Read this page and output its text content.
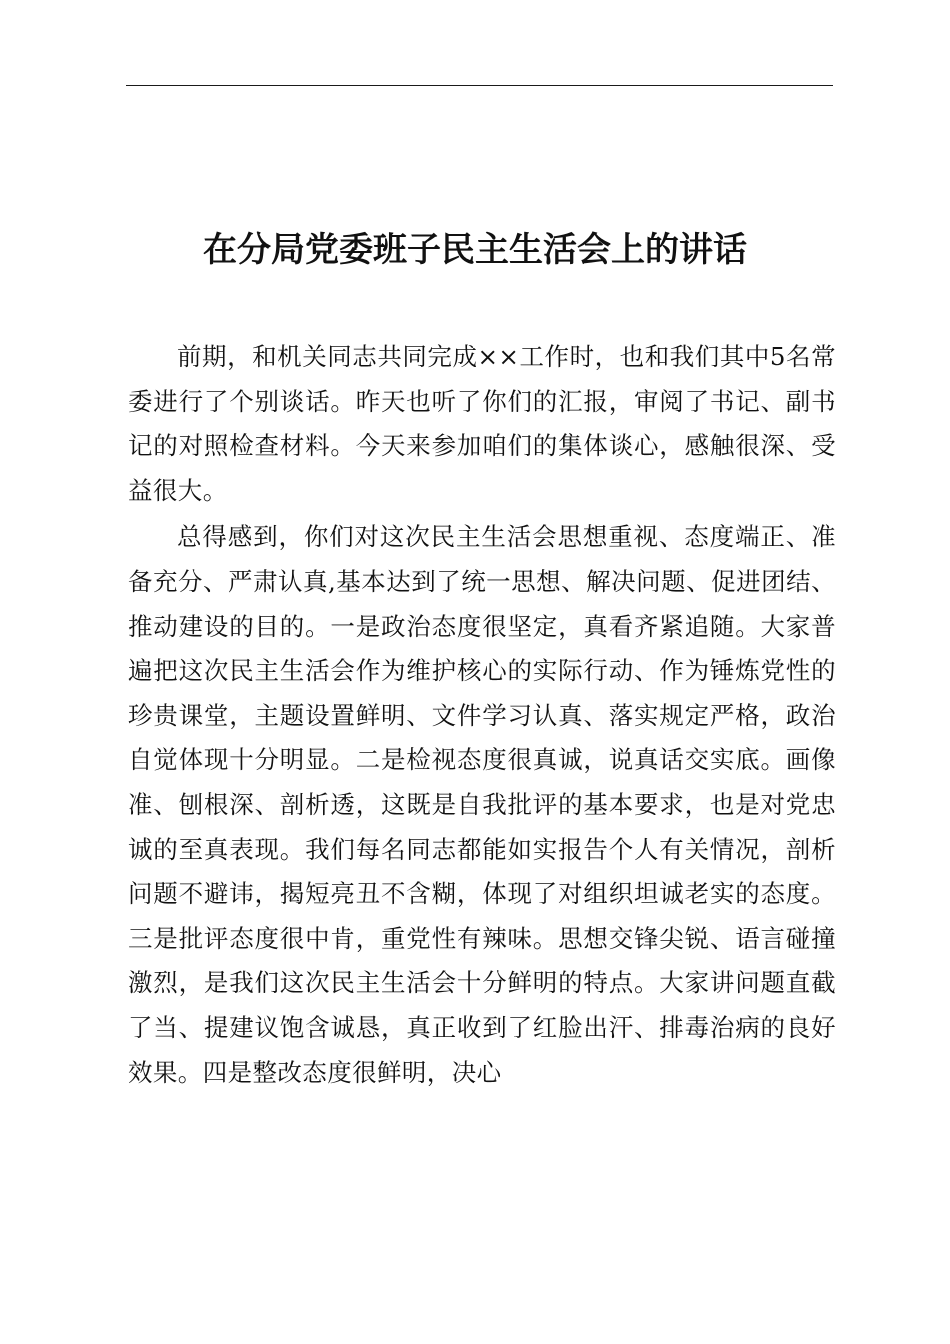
在分局党委班子民主生活会上的讲话

前期，和机关同志共同完成××工作时，也和我们其中5名常委进行了个别谈话。昨天也听了你们的汇报，审阅了书记、副书记的对照检查材料。今天来参加咱们的集体谈心，感触很深、受益很大。

总得感到，你们对这次民主生活会思想重视、态度端正、准备充分、严肃认真,基本达到了统一思想、解决问题、促进团结、推动建设的目的。一是政治态度很坚定，真看齐紧追随。大家普遍把这次民主生活会作为维护核心的实际行动、作为锤炼党性的珍贵课堂，主题设置鲜明、文件学习认真、落实规定严格，政治自觉体现十分明显。二是检视态度很真诚，说真话交实底。画像准、刨根深、剖析透，这既是自我批评的基本要求，也是对党忠诚的至真表现。我们每名同志都能如实报告个人有关情况，剖析问题不避讳，揭短亮丑不含糊，体现了对组织坦诚老实的态度。三是批评态度很中肯，重党性有辣味。思想交锋尖锐、语言碰撞激烈，是我们这次民主生活会十分鲜明的特点。大家讲问题直截了当、提建议饱含诚恳，真正收到了红脸出汗、排毒治病的良好效果。四是整改态度很鲜明，决心
